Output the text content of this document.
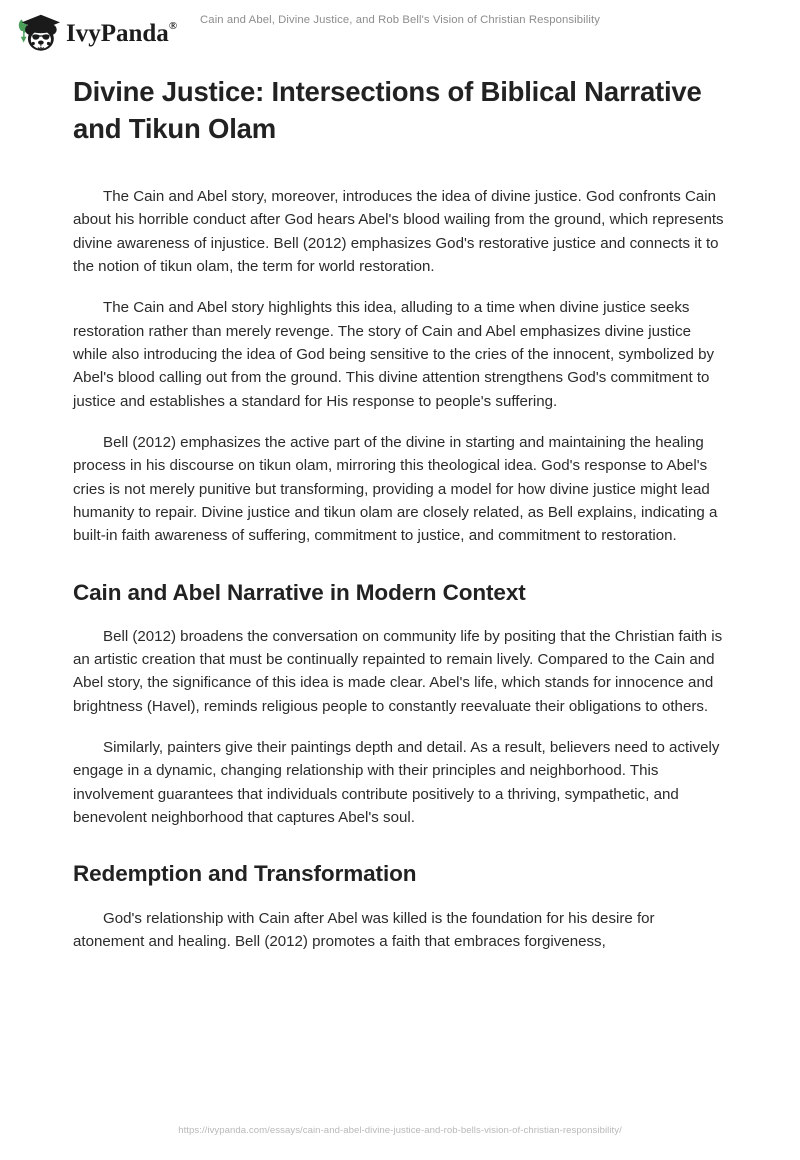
IvyPanda®
Cain and Abel, Divine Justice, and Rob Bell's Vision of Christian Responsibility
Divine Justice: Intersections of Biblical Narrative and Tikun Olam

The Cain and Abel story, moreover, introduces the idea of divine justice. God confronts Cain about his horrible conduct after God hears Abel's blood wailing from the ground, which represents divine awareness of injustice. Bell (2012) emphasizes God's restorative justice and connects it to the notion of tikun olam, the term for world restoration.

The Cain and Abel story highlights this idea, alluding to a time when divine justice seeks restoration rather than merely revenge. The story of Cain and Abel emphasizes divine justice while also introducing the idea of God being sensitive to the cries of the innocent, symbolized by Abel's blood calling out from the ground. This divine attention strengthens God's commitment to justice and establishes a standard for His response to people's suffering.

Bell (2012) emphasizes the active part of the divine in starting and maintaining the healing process in his discourse on tikun olam, mirroring this theological idea. God's response to Abel's cries is not merely punitive but transforming, providing a model for how divine justice might lead humanity to repair. Divine justice and tikun olam are closely related, as Bell explains, indicating a built-in faith awareness of suffering, commitment to justice, and commitment to restoration.

Cain and Abel Narrative in Modern Context

Bell (2012) broadens the conversation on community life by positing that the Christian faith is an artistic creation that must be continually repainted to remain lively. Compared to the Cain and Abel story, the significance of this idea is made clear. Abel's life, which stands for innocence and brightness (Havel), reminds religious people to constantly reevaluate their obligations to others.

Similarly, painters give their paintings depth and detail. As a result, believers need to actively engage in a dynamic, changing relationship with their principles and neighborhood. This involvement guarantees that individuals contribute positively to a thriving, sympathetic, and benevolent neighborhood that captures Abel's soul.

Redemption and Transformation

God's relationship with Cain after Abel was killed is the foundation for his desire for atonement and healing. Bell (2012) promotes a faith that embraces forgiveness,

https://ivypanda.com/essays/cain-and-abel-divine-justice-and-rob-bells-vision-of-christian-responsibility/
